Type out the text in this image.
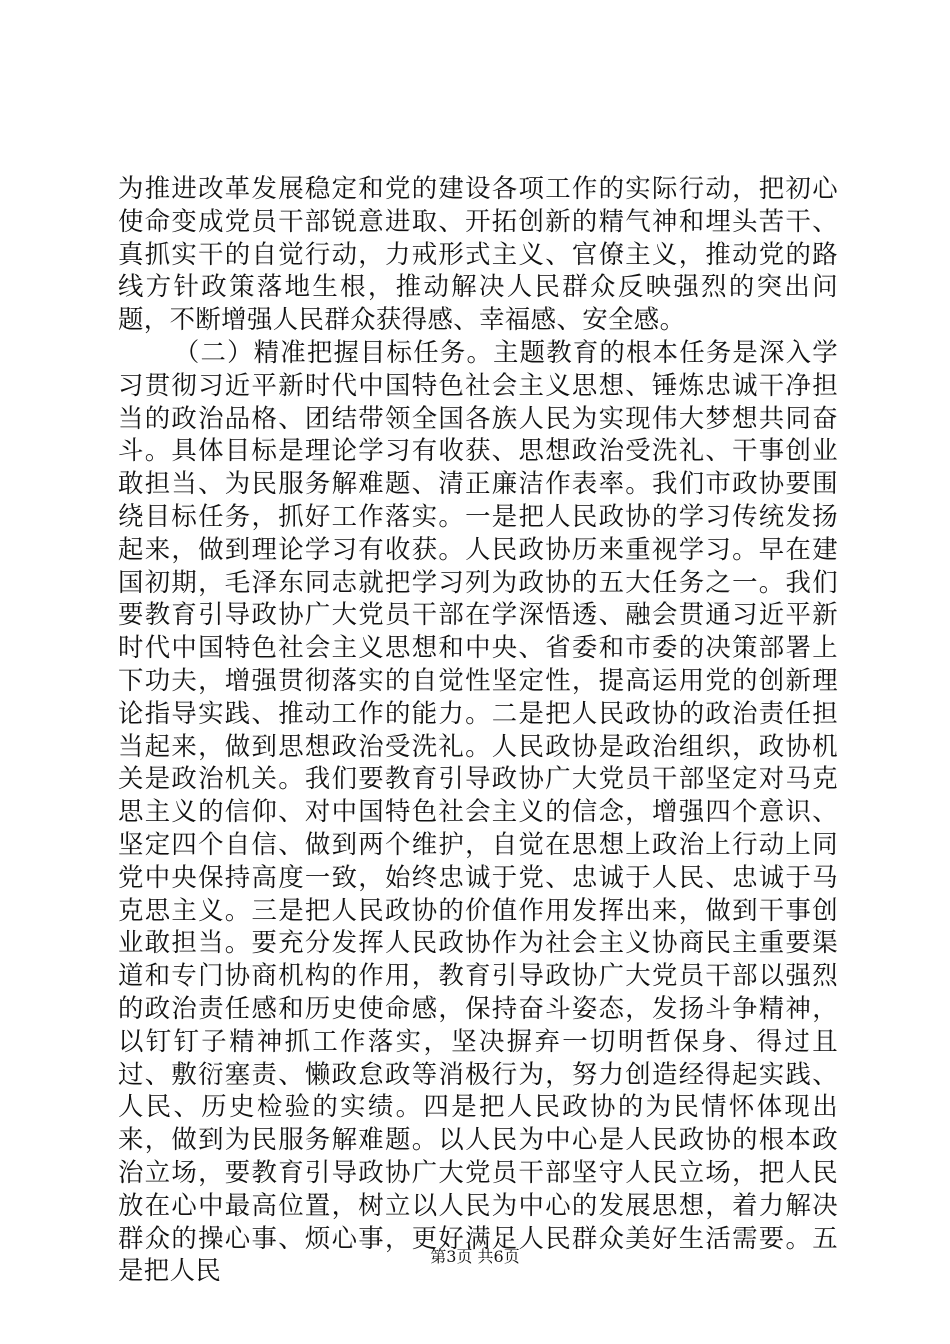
为推进改革发展稳定和党的建设各项工作的实际行动，把初心使命变成党员干部锐意进取、开拓创新的精气神和埋头苦干、真抓实干的自觉行动，力戒形式主义、官僚主义，推动党的路线方针政策落地生根，推动解决人民群众反映强烈的突出问题，不断增强人民群众获得感、幸福感、安全感。

（二）精准把握目标任务。主题教育的根本任务是深入学习贯彻习近平新时代中国特色社会主义思想、锤炼忠诚干净担当的政治品格、团结带领全国各族人民为实现伟大梦想共同奋斗。具体目标是理论学习有收获、思想政治受洗礼、干事创业敢担当、为民服务解难题、清正廉洁作表率。我们市政协要围绕目标任务，抓好工作落实。一是把人民政协的学习传统发扬起来，做到理论学习有收获。人民政协历来重视学习。早在建国初期，毛泽东同志就把学习列为政协的五大任务之一。我们要教育引导政协广大党员干部在学深悟透、融会贯通习近平新时代中国特色社会主义思想和中央、省委和市委的决策部署上下功夫，增强贯彻落实的自觉性坚定性，提高运用党的创新理论指导实践、推动工作的能力。二是把人民政协的政治责任担当起来，做到思想政治受洗礼。人民政协是政治组织，政协机关是政治机关。我们要教育引导政协广大党员干部坚定对马克思主义的信仰、对中国特色社会主义的信念，增强四个意识、坚定四个自信、做到两个维护，自觉在思想上政治上行动上同党中央保持高度一致，始终忠诚于党、忠诚于人民、忠诚于马克思主义。三是把人民政协的价值作用发挥出来，做到干事创业敢担当。要充分发挥人民政协作为社会主义协商民主重要渠道和专门协商机构的作用，教育引导政协广大党员干部以强烈的政治责任感和历史使命感，保持奋斗姿态，发扬斗争精神，以钉钉子精神抓工作落实，坚决摒弃一切明哲保身、得过且过、敷衍塞责、懒政怠政等消极行为，努力创造经得起实践、人民、历史检验的实绩。四是把人民政协的为民情怀体现出来，做到为民服务解难题。以人民为中心是人民政协的根本政治立场，要教育引导政协广大党员干部坚守人民立场，把人民放在心中最高位置，树立以人民为中心的发展思想，着力解决群众的操心事、烦心事，更好满足人民群众美好生活需要。五是把人民	第3页 共6页
